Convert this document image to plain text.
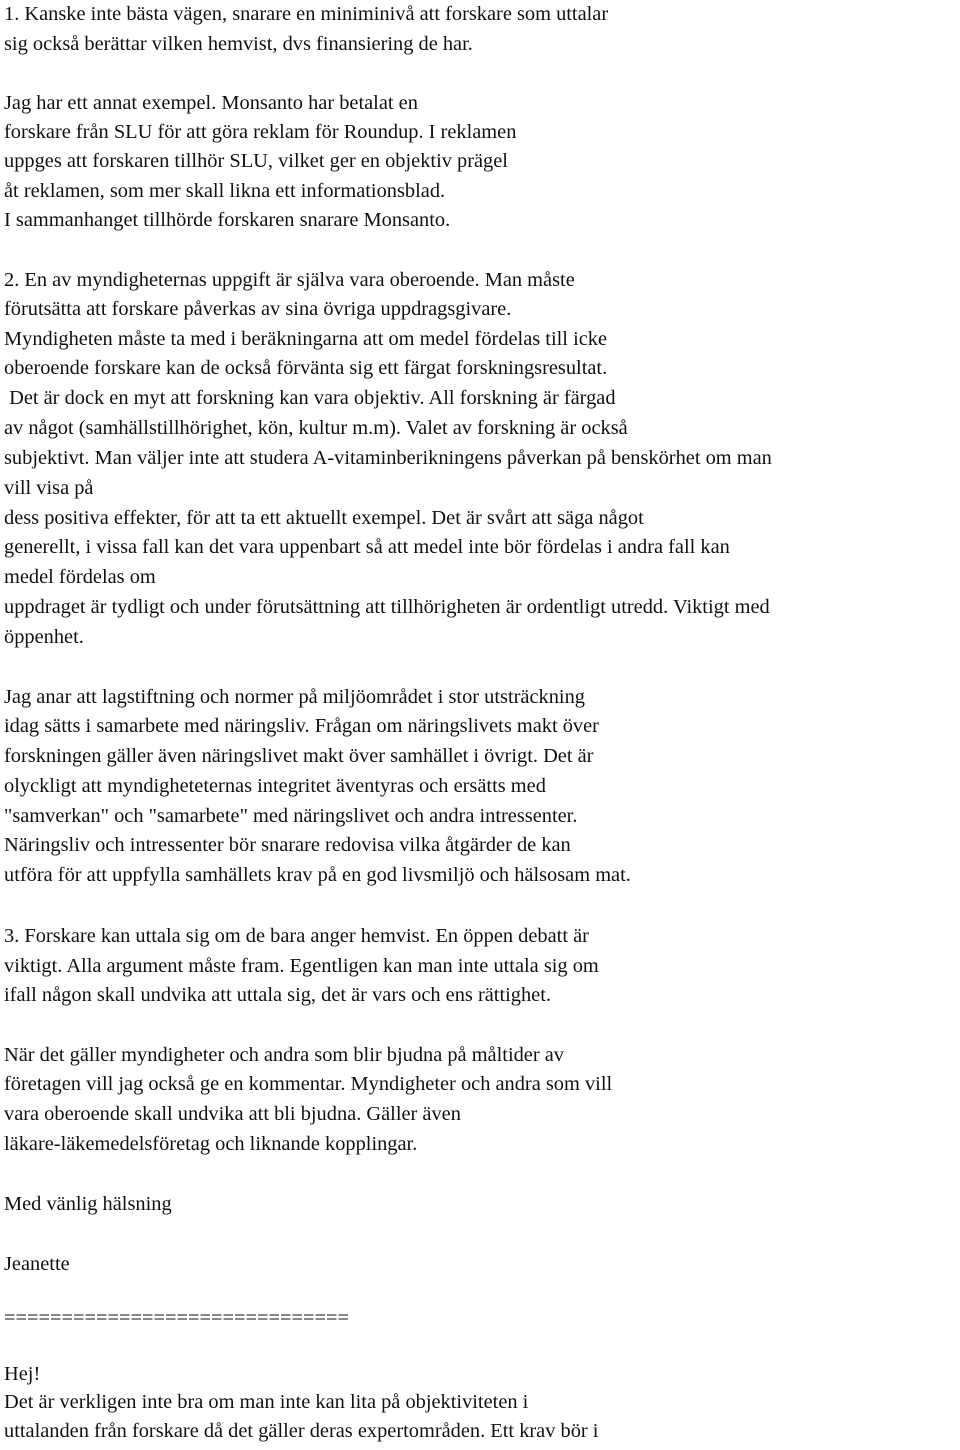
1. Kanske inte bästa vägen, snarare en miniminivå att forskare som uttalar
sig också berättar vilken hemvist, dvs finansiering de har.
Jag har ett annat exempel. Monsanto har betalat en
forskare från SLU för att göra reklam för Roundup. I reklamen
uppges att forskaren tillhör SLU, vilket ger en objektiv prägel
åt reklamen, som mer skall likna ett informationsblad.
I sammanhanget tillhörde forskaren snarare Monsanto.
2. En av myndigheternas uppgift är själva vara oberoende. Man måste
förutsätta att forskare påverkas av sina övriga uppdragsgivare.
Myndigheten måste ta med i beräkningarna att om medel fördelas till icke
oberoende forskare kan de också förvänta sig ett färgat forskningsresultat.
Det är dock en myt att forskning kan vara objektiv. All forskning är färgad
av något (samhällstillhörighet, kön, kultur m.m). Valet av forskning är också
subjektivt. Man väljer inte att studera A-vitaminberikningens påverkan på benskörhet om man
vill visa på
dess positiva effekter, för att ta ett aktuellt exempel. Det är svårt att säga något
generellt, i vissa fall kan det vara uppenbart så att medel inte bör fördelas i andra fall kan
medel fördelas om
uppdraget är tydligt och under förutsättning att tillhörigheten är ordentligt utredd. Viktigt med
öppenhet.
Jag anar att lagstiftning och normer på miljöområdet i stor utsträckning
idag sätts i samarbete med näringsliv. Frågan om näringslivets makt över
forskningen gäller även näringslivet makt över samhället i övrigt. Det är
olyckligt att myndigheteternas integritet äventyras och ersätts med
"samverkan" och "samarbete" med näringslivet och andra intressenter.
Näringsliv och intressenter bör snarare redovisa vilka åtgärder de kan
utföra för att uppfylla samhällets krav på en god livsmiljö och hälsosam mat.
3. Forskare kan uttala sig om de bara anger hemvist. En öppen debatt är
viktigt. Alla argument måste fram. Egentligen kan man inte uttala sig om
ifall någon skall undvika att uttala sig, det är vars och ens rättighet.
När det gäller myndigheter och andra som blir bjudna på måltider av
företagen vill jag också ge en kommentar. Myndigheter och andra som vill
vara oberoende skall undvika att bli bjudna. Gäller även
läkare-läkemedelsföretag och liknande kopplingar.
Med vänlig hälsning
Jeanette
==============================
Hej!
Det är verkligen inte bra om man inte kan lita på objektiviteten i
uttalanden från forskare då det gäller deras expertområden. Ett krav bör i
